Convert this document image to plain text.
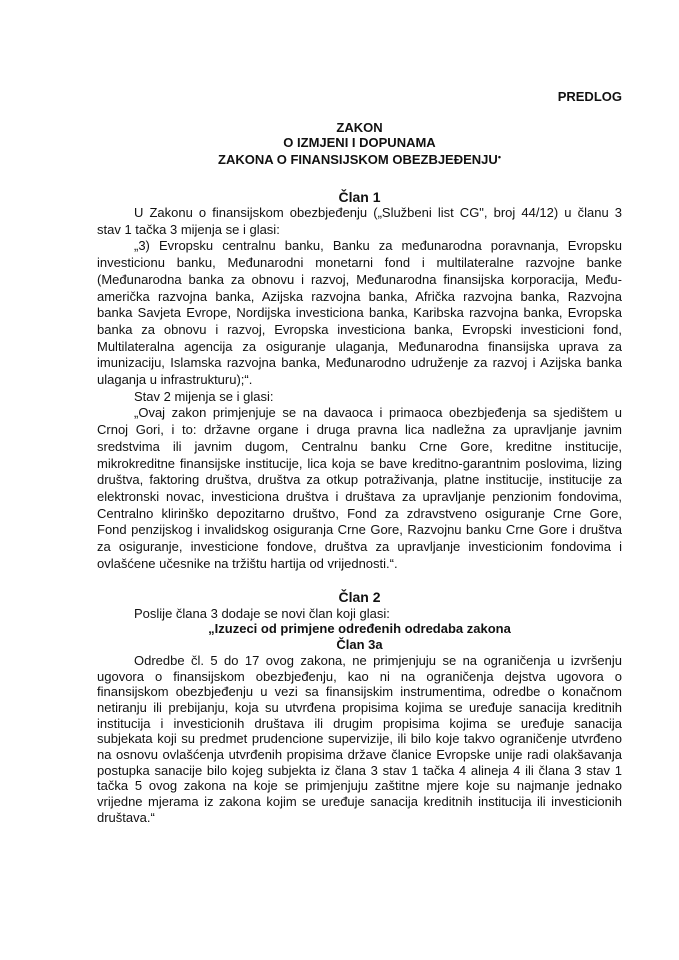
PREDLOG
ZAKON
O IZMJENI I DOPUNAMA
ZAKONA O FINANSIJSKOM OBEZBJEĐENJU•
Član 1
U Zakonu o finansijskom obezbjeđenju („Službeni list CG", broj 44/12) u članu 3
stav 1 tačka 3 mijenja se i glasi:
„3) Evropsku centralnu banku, Banku za međunarodna poravnanja, Evropsku
investicionu banku, Međunarodni monetarni fond i multilateralne razvojne banke
(Međunarodna banka za obnovu i razvoj, Međunarodna finansijska korporacija, Među-
američka razvojna banka, Azijska razvojna banka, Afrička razvojna banka, Razvojna
banka Savjeta Evrope, Nordijska investiciona banka, Karibska razvojna banka, Evropska
banka za obnovu i razvoj, Evropska investiciona banka, Evropski investicioni fond,
Multilateralna agencija za osiguranje ulaganja, Međunarodna finansijska uprava za
imunizaciju, Islamska razvojna banka, Međunarodno udruženje za razvoj i Azijska banka
ulaganja u infrastrukturu);“.
Stav 2 mijenja se i glasi:
„Ovaj zakon primjenjuje se na davaoca i primaoca obezbjeđenja sa sjedištem u
Crnoj Gori, i to: državne organe i druga pravna lica nadležna za upravljanje javnim
sredstvima ili javnim dugom, Centralnu banku Crne Gore, kreditne institucije,
mikrokreditne finansijske institucije, lica koja se bave kreditno-garantnim poslovima, lizing
društva, faktoring društva, društva za otkup potraživanja, platne institucije, institucije za
elektronski novac, investiciona društva i društava za upravljanje penzionim fondovima,
Centralno klirinško depozitarno društvo, Fond za zdravstveno osiguranje Crne Gore,
Fond penzijskog i invalidskog osiguranja Crne Gore, Razvojnu banku Crne Gore i društva
za osiguranje, investicione fondove, društva za upravljanje investicionim fondovima i
ovlašćene učesnike na tržištu hartija od vrijednosti.“.
Član 2
Poslije člana 3 dodaje se novi član koji glasi:
„Izuzeci od primjene određenih odredaba zakona
Član 3a
Odredbe čl. 5 do 17 ovog zakona, ne primjenjuju se na ograničenja u izvršenju
ugovora o finansijskom obezbjeđenju, kao ni na ograničenja dejstva ugovora o
finansijskom obezbjeđenju u vezi sa finansijskim instrumentima, odredbe o konačnom
netiranju ili prebijanju, koja su utvrđena propisima kojima se uređuje sanacija kreditnih
institucija i investicionih društava ili drugim propisima kojima se uređuje sanacija
subjekata koji su predmet prudencione supervizije, ili bilo koje takvo ograničenje utvrđeno
na osnovu ovlašćenja utvrđenih propisima države članice Evropske unije radi olakšavanja
postupka sanacije bilo kojeg subjekta iz člana 3 stav 1 tačka 4 alineja 4 ili člana 3 stav 1
tačka 5 ovog zakona na koje se primjenjuju zaštitne mjere koje su najmanje jednako
vrijedne mjerama iz zakona kojim se uređuje sanacija kreditnih institucija ili investicionih
društava.“
